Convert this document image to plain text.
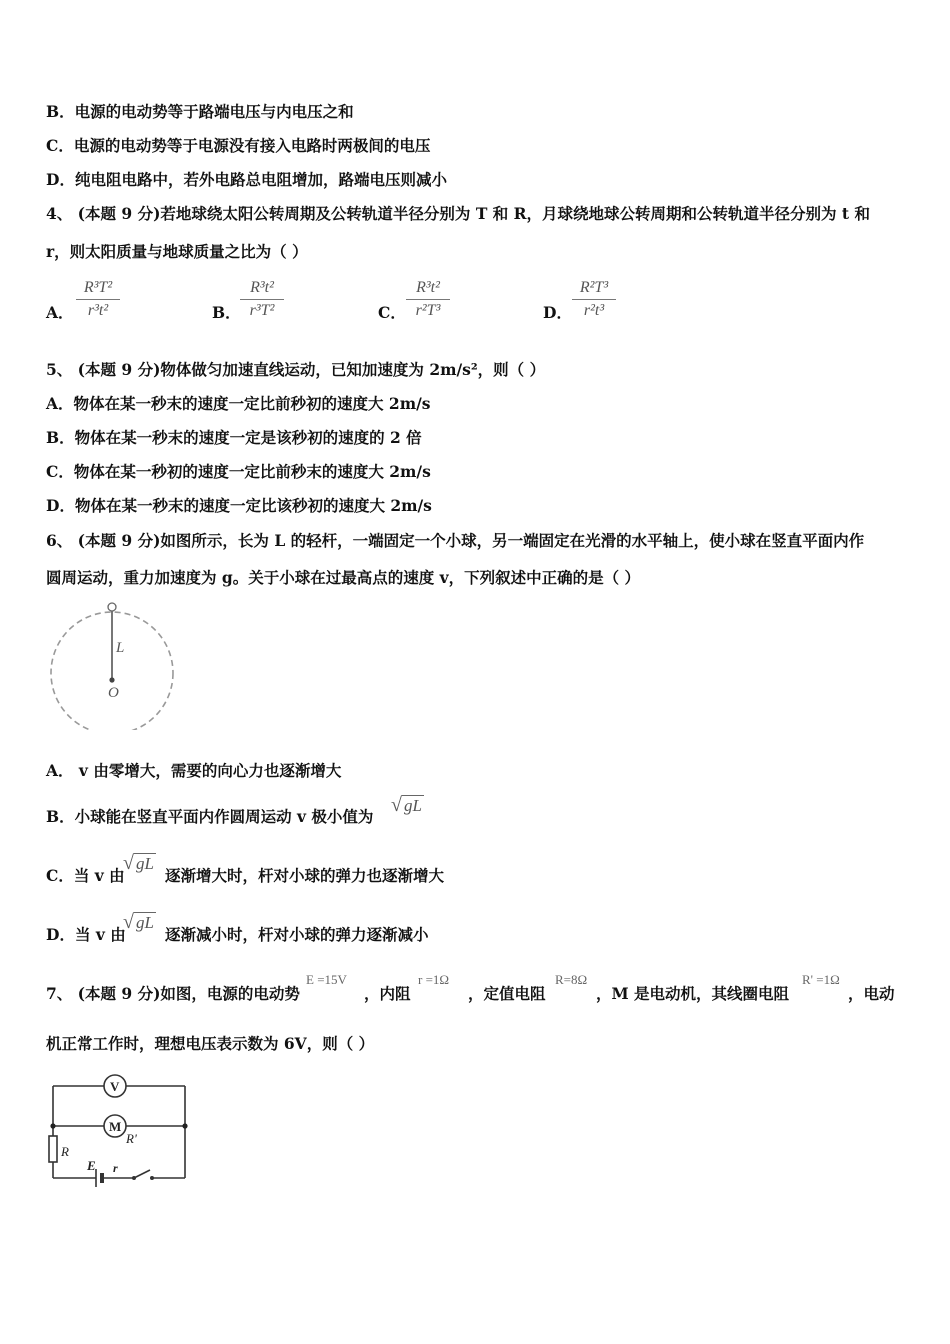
B．电源的电动势等于路端电压与内电压之和
C．电源的电动势等于电源没有接入电路时两极间的电压
D．纯电阻电路中，若外电路总电阻增加，路端电压则减小
4、 (本题 9 分)若地球绕太阳公转周期及公转轨道半径分别为 T 和 R，月球绕地球公转周期和公转轨道半径分别为 t 和
r，则太阳质量与地球质量之比为（ ）
A．
R³T²
r³t²	B．
R³t²
r³T²	C．
R³t²
r²T³	D．
R²T³
r²t³
5、 (本题 9 分)物体做匀加速直线运动，已知加速度为 2m/s²，则（ ）
A．物体在某一秒末的速度一定比前秒初的速度大 2m/s
B．物体在某一秒末的速度一定是该秒初的速度的 2 倍
C．物体在某一秒初的速度一定比前秒末的速度大 2m/s
D．物体在某一秒末的速度一定比该秒初的速度大 2m/s
6、 (本题 9 分)如图所示，长为 L 的轻杆，一端固定一个小球，另一端固定在光滑的水平轴上，使小球在竖直平面内作
圆周运动，重力加速度为 g。关于小球在过最高点的速度 v，下列叙述中正确的是（ ）
L
O
A． v 由零增大，需要的向心力也逐渐增大
B．小球能在竖直平面内作圆周运动 v 极小值为
√ gL
C．当 v 由
√ gL
逐渐增大时，杆对小球的弹力也逐渐增大
D．当 v 由
√ gL
逐渐减小时，杆对小球的弹力逐渐减小
7、 (本题 9 分)如图，电源的电动势
E =15V
，内阻
r =1Ω
，定值电阻
R=8Ω
，M 是电动机，其线圈电阻
R' =1Ω
，电动
机正常工作时，理想电压表示数为 6V，则（ ）
V
M
R'
R
E r
